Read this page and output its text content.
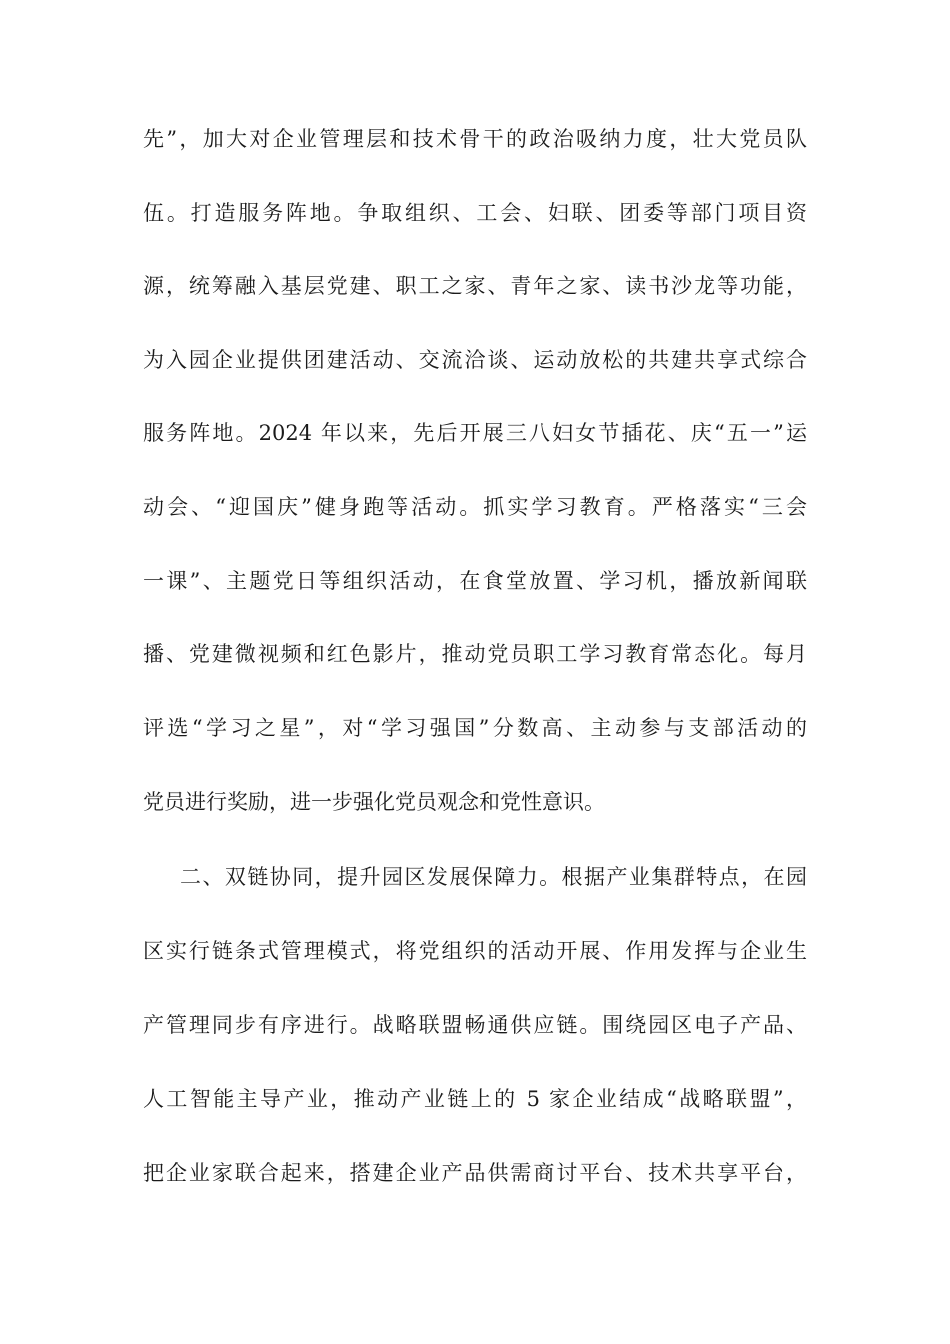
先”，加大对企业管理层和技术骨干的政治吸纳力度，壮大党员队
伍。打造服务阵地。争取组织、工会、妇联、团委等部门项目资
源，统筹融入基层党建、职工之家、青年之家、读书沙龙等功能，
为入园企业提供团建活动、交流洽谈、运动放松的共建共享式综合
服务阵地。2024 年以来，先后开展三八妇女节插花、庆“五一”运
动会、“迎国庆”健身跑等活动。抓实学习教育。严格落实“三会
一课”、主题党日等组织活动，在食堂放置、学习机，播放新闻联
播、党建微视频和红色影片，推动党员职工学习教育常态化。每月
评选“学习之星”，对“学习强国”分数高、主动参与支部活动的
党员进行奖励，进一步强化党员观念和党性意识。
二、双链协同，提升园区发展保障力。根据产业集群特点，在园
区实行链条式管理模式，将党组织的活动开展、作用发挥与企业生
产管理同步有序进行。战略联盟畅通供应链。围绕园区电子产品、
人工智能主导产业，推动产业链上的 5 家企业结成“战略联盟”，
把企业家联合起来，搭建企业产品供需商讨平台、技术共享平台，
